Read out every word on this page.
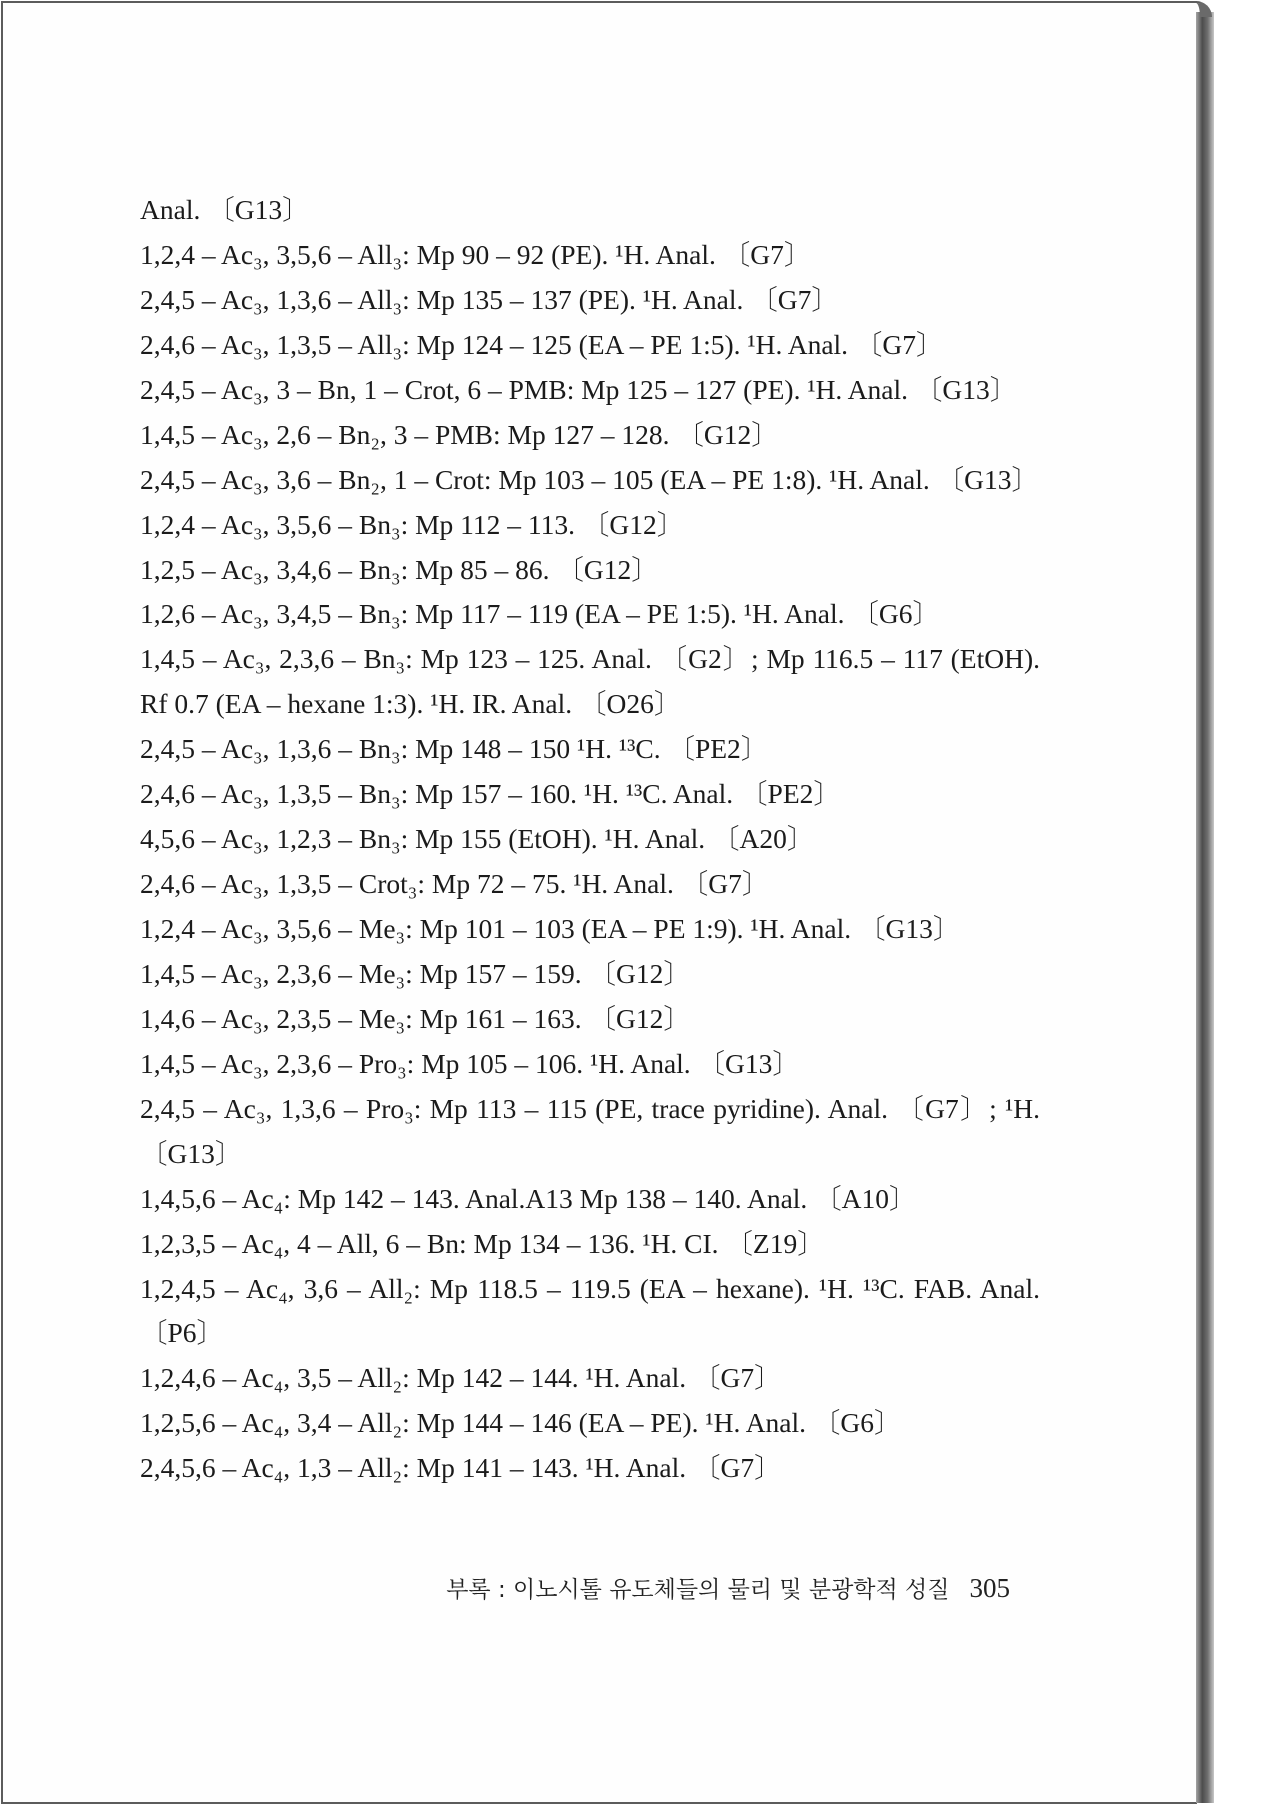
Anal. 〔G13〕
1,2,4 – Ac₃, 3,5,6 – All₃: Mp 90 – 92 (PE). ¹H. Anal. 〔G7〕
2,4,5 – Ac₃, 1,3,6 – All₃: Mp 135 – 137 (PE). ¹H. Anal. 〔G7〕
2,4,6 – Ac₃, 1,3,5 – All₃: Mp 124 – 125 (EA – PE 1:5). ¹H. Anal. 〔G7〕
2,4,5 – Ac₃, 3 – Bn, 1 – Crot, 6 – PMB: Mp 125 – 127 (PE). ¹H. Anal. 〔G13〕
1,4,5 – Ac₃, 2,6 – Bn₂, 3 – PMB: Mp 127 – 128. 〔G12〕
2,4,5 – Ac₃, 3,6 – Bn₂, 1 – Crot: Mp 103 – 105 (EA – PE 1:8). ¹H. Anal. 〔G13〕
1,2,4 – Ac₃, 3,5,6 – Bn₃: Mp 112 – 113. 〔G12〕
1,2,5 – Ac₃, 3,4,6 – Bn₃: Mp 85 – 86. 〔G12〕
1,2,6 – Ac₃, 3,4,5 – Bn₃: Mp 117 – 119 (EA – PE 1:5). ¹H. Anal. 〔G6〕
1,4,5 – Ac₃, 2,3,6 – Bn₃: Mp 123 – 125. Anal. 〔G2〕; Mp 116.5 – 117 (EtOH).
Rf 0.7 (EA – hexane 1:3). ¹H. IR. Anal. 〔O26〕
2,4,5 – Ac₃, 1,3,6 – Bn₃: Mp 148 – 150 ¹H. ¹³C. 〔PE2〕
2,4,6 – Ac₃, 1,3,5 – Bn₃: Mp 157 – 160. ¹H. ¹³C. Anal. 〔PE2〕
4,5,6 – Ac₃, 1,2,3 – Bn₃: Mp 155 (EtOH). ¹H. Anal. 〔A20〕
2,4,6 – Ac₃, 1,3,5 – Crot₃: Mp 72 – 75. ¹H. Anal. 〔G7〕
1,2,4 – Ac₃, 3,5,6 – Me₃: Mp 101 – 103 (EA – PE 1:9). ¹H. Anal. 〔G13〕
1,4,5 – Ac₃, 2,3,6 – Me₃: Mp 157 – 159. 〔G12〕
1,4,6 – Ac₃, 2,3,5 – Me₃: Mp 161 – 163. 〔G12〕
1,4,5 – Ac₃, 2,3,6 – Pro₃: Mp 105 – 106. ¹H. Anal. 〔G13〕
2,4,5 – Ac₃, 1,3,6 – Pro₃: Mp 113 – 115 (PE, trace pyridine). Anal. 〔G7〕; ¹H.
〔G13〕
1,4,5,6 – Ac₄: Mp 142 – 143. Anal.A13 Mp 138 – 140. Anal. 〔A10〕
1,2,3,5 – Ac₄, 4 – All, 6 – Bn: Mp 134 – 136. ¹H. CI. 〔Z19〕
1,2,4,5 – Ac₄, 3,6 – All₂: Mp 118.5 – 119.5 (EA – hexane). ¹H. ¹³C. FAB. Anal.
〔P6〕
1,2,4,6 – Ac₄, 3,5 – All₂: Mp 142 – 144. ¹H. Anal. 〔G7〕
1,2,5,6 – Ac₄, 3,4 – All₂: Mp 144 – 146 (EA – PE). ¹H. Anal. 〔G6〕
2,4,5,6 – Ac₄, 1,3 – All₂: Mp 141 – 143. ¹H. Anal. 〔G7〕
부록 : 이노시톨 유도체들의 물리 및 분광학적 성질 305
